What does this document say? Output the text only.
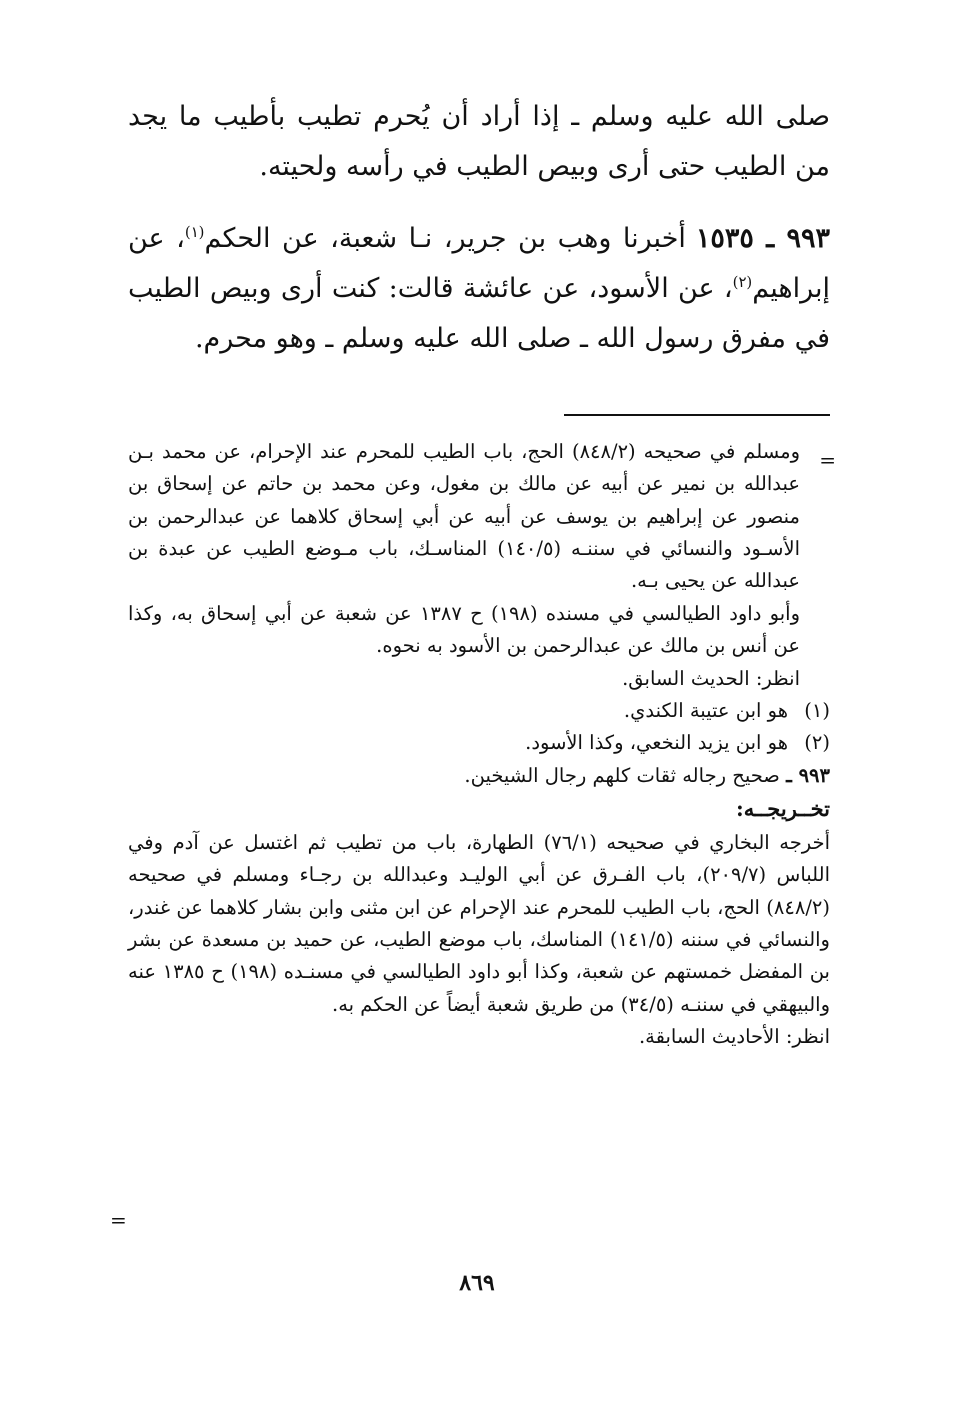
صلى الله عليه وسلم ـ إذا أراد أن يُحرم تطيب بأطيب ما يجد من الطيب حتى أرى وبيص الطيب في رأسه ولحيته.

٩٩٣ ـ ١٥٣٥أخبرنا وهب بن جرير، نـا شعبة، عن الحكم$^{(١)}$، عن إبراهيم$^{(٢)}$، عن الأسود، عن عائشة قالت: كنت أرى وبيص الطيب في مفرق رسول الله ـ صلى الله عليه وسلم ـ وهو محرم.

=

ومسلم في صحيحه (٨٤٨/٢) الحج، باب الطيب للمحرم عند الإحرام، عن محمد بـن عبدالله بن نمير عن أبيه عن مالك بن مغول، وعن محمد بن حاتم عن إسحاق بن منصور عن إبراهيم بن يوسف عن أبيه عن أبي إسحاق كلاهما عن عبدالرحمن بن الأسـود والنسائي في سننـه (١٤٠/٥) المناسـك، باب مـوضع الطيب عن عبدة بن عبدالله عن يحيى بـه.

وأبو داود الطيالسي في مسنده (١٩٨) ح ١٣٨٧ عن شعبة عن أبي إسحاق به، وكذا عن أنس بن مالك عن عبدالرحمن بن الأسود به نحوه.

انظر: الحديث السابق.

(١)هو ابن عتيبة الكندي.

(٢)هو ابن يزيد النخعي، وكذا الأسود.

٩٩٣ ـ صحيح رجاله ثقات كلهم رجال الشيخين.

تخــريجــه:

أخرجه البخاري في صحيحه (٧٦/١) الطهارة، باب من تطيب ثم اغتسل عن آدم وفي اللباس (٢٠٩/٧)، باب الفـرق عن أبي الوليـد وعبدالله بن رجـاء ومسلم في صحيحه (٨٤٨/٢) الحج، باب الطيب للمحرم عند الإحرام عن ابن مثنى وابن بشار كلاهما عن غندر، والنسائي في سننه (١٤١/٥) المناسك، باب موضع الطيب، عن حميد بن مسعدة عن بشر بن المفضل خمستهم عن شعبة، وكذا أبو داود الطيالسي في مسنـده (١٩٨) ح ١٣٨٥ عنه والبيهقي في سننـه (٣٤/٥) من طريق شعبة أيضاً عن الحكم به.

انظر: الأحاديث السابقة.

=
٨٦٩
